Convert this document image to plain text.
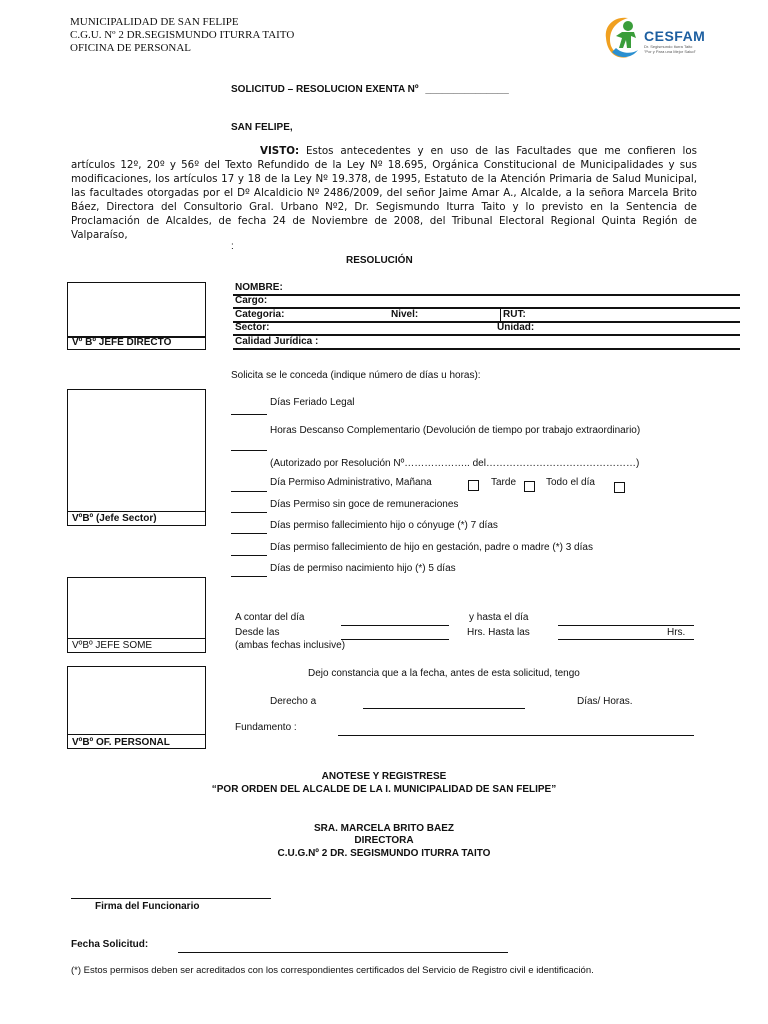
MUNICIPALIDAD DE SAN FELIPE
C.G.U. Nº 2 DR.SEGISMUNDO ITURRA TAITO
OFICINA DE PERSONAL
CESFAM
Dr. Segismundo Iturra Taito
"Por y Para una Mejor Salud"
SOLICITUD – RESOLUCION EXENTA Nº _______________
SAN FELIPE,
VISTO: Estos antecedentes y en uso de las Facultades que me confieren los artículos 12º, 20º y 56º del Texto Refundido de la Ley Nº 18.695, Orgánica Constitucional de Municipalidades y sus modificaciones, los artículos 17 y 18 de la Ley Nº 19.378, de 1995, Estatuto de la Atención Primaria de Salud Municipal, las facultades otorgadas por el Dº Alcaldicio Nº 2486/2009, del señor Jaime Amar A., Alcalde, a la señora Marcela Brito Báez, Directora del Consultorio Gral. Urbano Nº2, Dr. Segismundo Iturra Taito y lo previsto en la Sentencia de Proclamación de Alcaldes, de fecha 24 de Noviembre de 2008, del Tribunal Electoral Regional Quinta Región de Valparaíso,
:
RESOLUCIÓN
Vº Bº JEFE DIRECTO
NOMBRE:
Cargo:
Categoria:	Nivel:	RUT:
Sector:	Unidad:
Calidad Jurídica :
Solicita se le conceda (indique número de días u horas):
VºBº (Jefe Sector)
Días Feriado Legal
Horas Descanso Complementario (Devolución de tiempo por trabajo extraordinario)
(Autorizado por Resolución Nº……………….. del………………………………………)
Día Permiso Administrativo, Mañana	Tarde	Todo el día
Días Permiso sin goce de remuneraciones
Días permiso fallecimiento hijo o cónyuge (*) 7 días
Días permiso fallecimiento de hijo en gestación, padre o madre (*) 3 días
Días de permiso nacimiento hijo (*) 5 días
VºBº JEFE SOME
A contar del día	y hasta el día
Desde las	Hrs. Hasta las	Hrs.
(ambas fechas inclusive)
Dejo constancia que a la fecha, antes de esta solicitud, tengo
VºBº OF. PERSONAL
Derecho a	Días/ Horas.
Fundamento :
ANOTESE Y REGISTRESE
“POR ORDEN DEL ALCALDE DE LA I. MUNICIPALIDAD DE SAN FELIPE”
SRA. MARCELA BRITO BAEZ
DIRECTORA
C.U.G.Nº 2 DR. SEGISMUNDO ITURRA TAITO
Firma del Funcionario
Fecha Solicitud:
(*) Estos permisos deben ser acreditados con los correspondientes certificados del Servicio de Registro civil e identificación.
